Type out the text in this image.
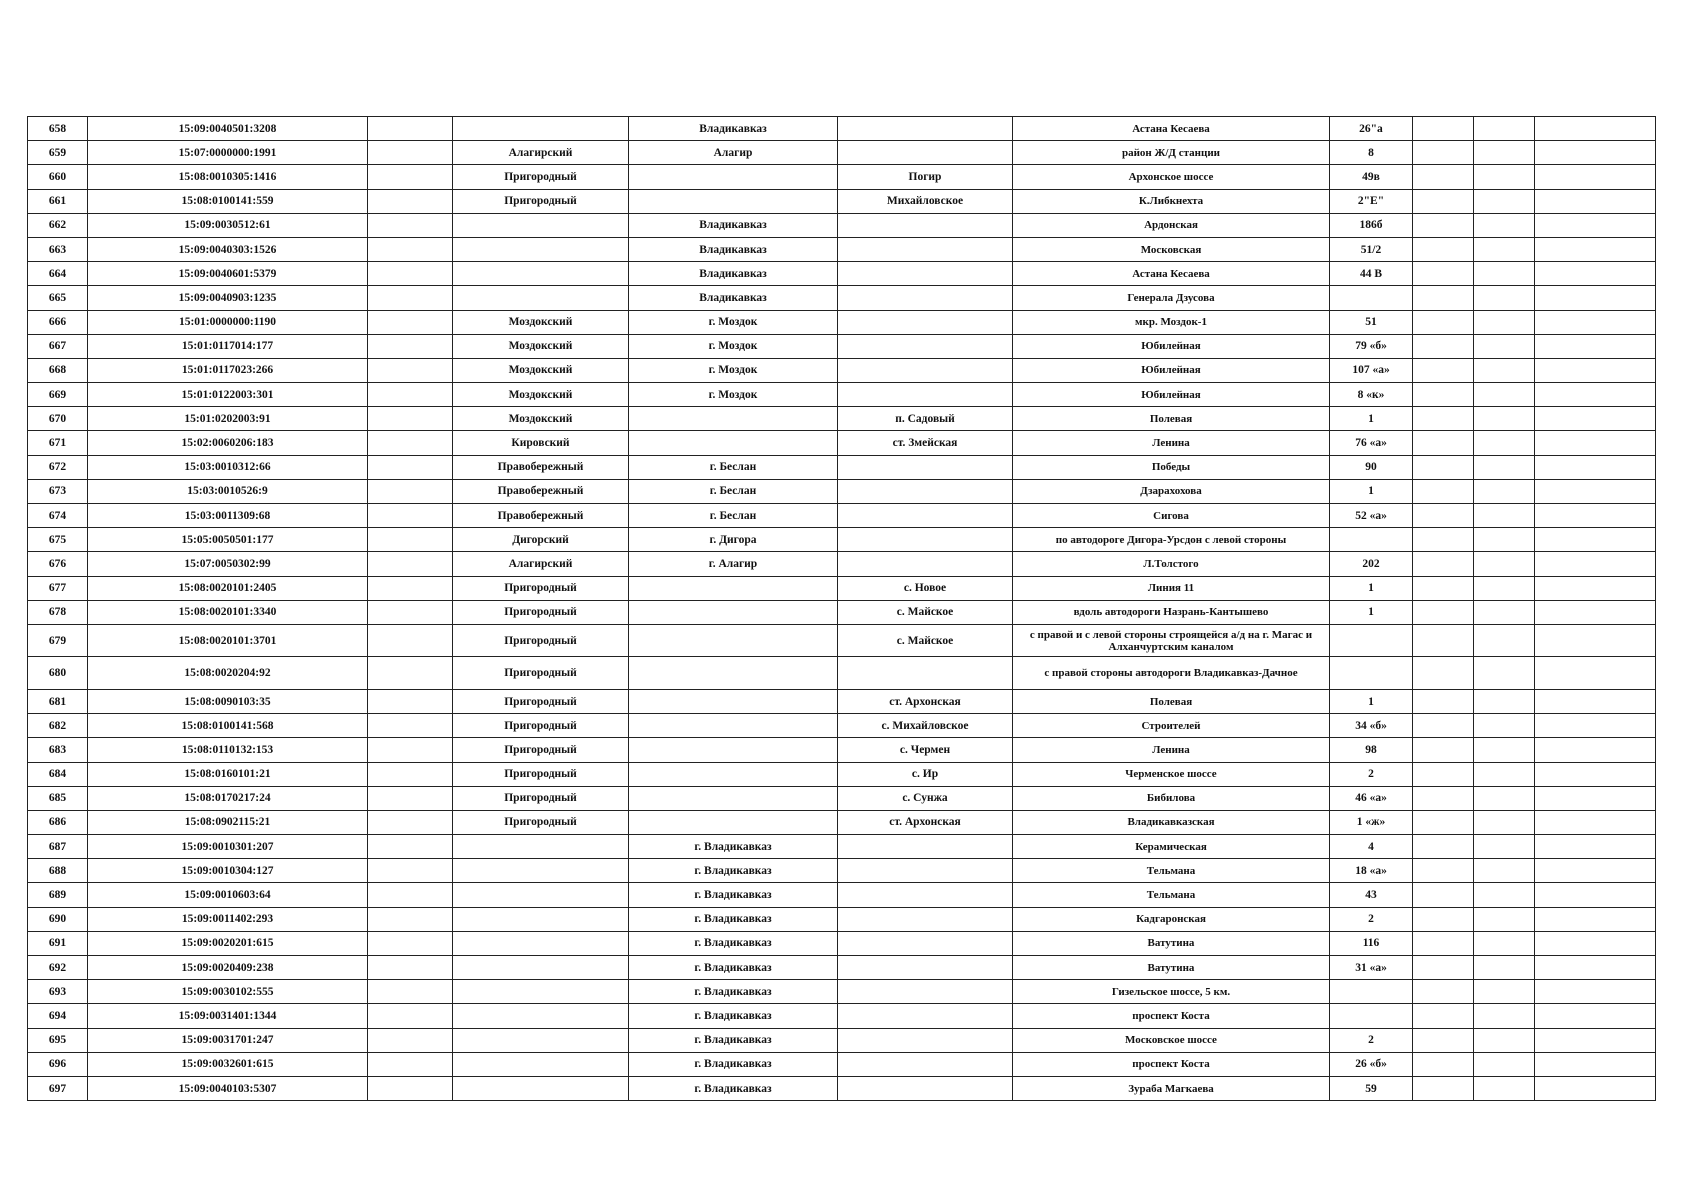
658	15:09:0040501:3208			Владикавказ		Астана Кесаева	26"а			
659	15:07:0000000:1991		Алагирский	Алагир		район Ж/Д станции	8			
660	15:08:0010305:1416		Пригородный		Погир	Архонское шоссе	49в			
661	15:08:0100141:559		Пригородный		Михайловское	К.Либкнехта	2"Е"			
662	15:09:0030512:61			Владикавказ		Ардонская	186б			
663	15:09:0040303:1526			Владикавказ		Московская	51/2			
664	15:09:0040601:5379			Владикавказ		Астана Кесаева	44 В			
665	15:09:0040903:1235			Владикавказ		Генерала Дзусова				
666	15:01:0000000:1190		Моздокский	г. Моздок		мкр. Моздок-1	51			
667	15:01:0117014:177		Моздокский	г. Моздок		Юбилейная	79 «б»			
668	15:01:0117023:266		Моздокский	г. Моздок		Юбилейная	107 «а»			
669	15:01:0122003:301		Моздокский	г. Моздок		Юбилейная	8 «к»			
670	15:01:0202003:91		Моздокский		п. Садовый	Полевая	1			
671	15:02:0060206:183		Кировский		ст. Змейская	Ленина	76 «а»			
672	15:03:0010312:66		Правобережный	г. Беслан		Победы	90			
673	15:03:0010526:9		Правобережный	г. Беслан		Дзарахохова	1			
674	15:03:0011309:68		Правобережный	г. Беслан		Сигова	52 «а»			
675	15:05:0050501:177		Дигорский	г. Дигора		по автодороге Дигора-Урсдон с левой стороны				
676	15:07:0050302:99		Алагирский	г. Алагир		Л.Толстого	202			
677	15:08:0020101:2405		Пригородный		с. Новое	Линия 11	1			
678	15:08:0020101:3340		Пригородный		с. Майское	вдоль автодороги Назрань-Кантышево	1			
679	15:08:0020101:3701		Пригородный		с. Майское	с правой и с левой стороны строящейся а/д на г. Магас и Алханчуртским каналом				
680	15:08:0020204:92		Пригородный			с правой стороны автодороги Владикавказ-Дачное				
681	15:08:0090103:35		Пригородный		ст. Архонская	Полевая	1			
682	15:08:0100141:568		Пригородный		с. Михайловское	Строителей	34 «б»			
683	15:08:0110132:153		Пригородный		с. Чермен	Ленина	98			
684	15:08:0160101:21		Пригородный		с. Ир	Черменское шоссе	2			
685	15:08:0170217:24		Пригородный		с. Сунжа	Бибилова	46 «а»			
686	15:08:0902115:21		Пригородный		ст. Архонская	Владикавказская	1 «ж»			
687	15:09:0010301:207			г. Владикавказ		Керамическая	4			
688	15:09:0010304:127			г. Владикавказ		Тельмана	18 «а»			
689	15:09:0010603:64			г. Владикавказ		Тельмана	43			
690	15:09:0011402:293			г. Владикавказ		Кадгаронская	2			
691	15:09:0020201:615			г. Владикавказ		Ватутина	116			
692	15:09:0020409:238			г. Владикавказ		Ватутина	31 «а»			
693	15:09:0030102:555			г. Владикавказ		Гизельское шоссе, 5 км.				
694	15:09:0031401:1344			г. Владикавказ		проспект Коста				
695	15:09:0031701:247			г. Владикавказ		Московское шоссе	2			
696	15:09:0032601:615			г. Владикавказ		проспект Коста	26 «б»			
697	15:09:0040103:5307			г. Владикавказ		Зураба Магкаева	59			
